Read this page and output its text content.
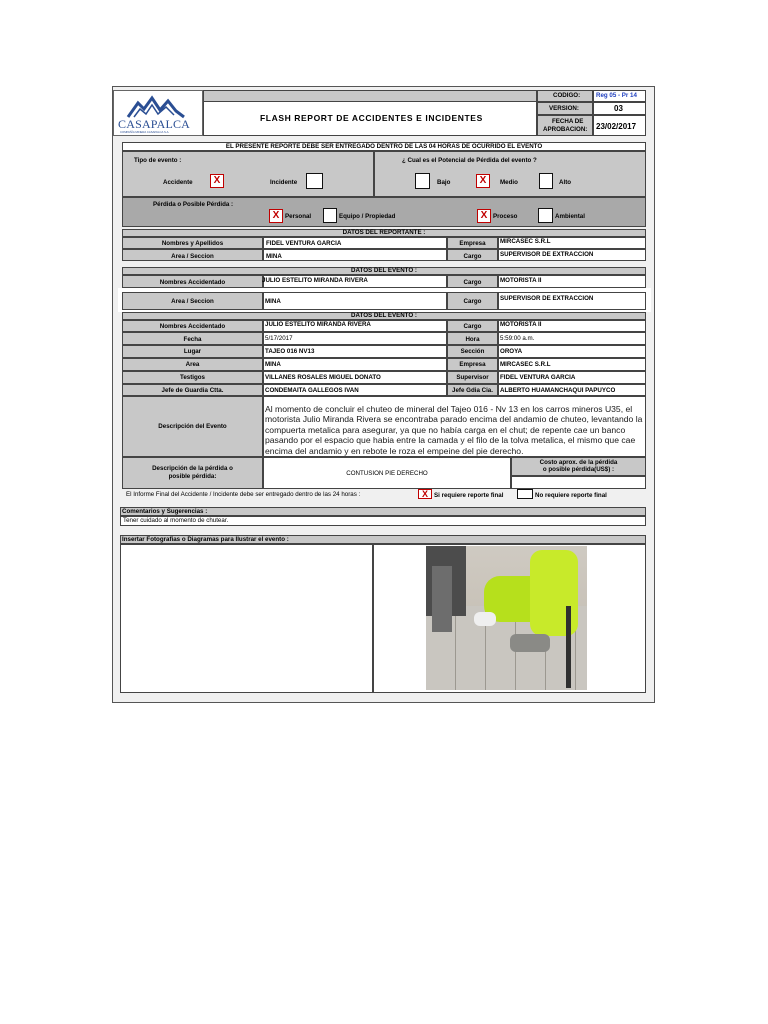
CASAPALCA
COMPAÑÍA MINERA CASAPALCA S.A.
FLASH REPORT DE ACCIDENTES E INCIDENTES
CODIGO:	Reg 05 - Pr 14
VERSION:	03
FECHA DE
APROBACION: 23/02/2017
EL PRESENTE REPORTE DEBE SER ENTREGADO DENTRO DE LAS 04 HORAS DE OCURRIDO EL EVENTO
Tipo de evento :
Accidente	X	Incidente
¿ Cual es el Potencial de Pérdida del evento ?
Bajo	X	Medio	Alto
Pérdida o Posible Pérdida :
X Personal	Equipo / Propiedad	X Proceso	Ambiental
DATOS DEL REPORTANTE :
Nombres y Apellidos	FIDEL VENTURA GARCIA	Empresa	MIRCASEC S.R.L
Area / Seccion	MINA	Cargo	SUPERVISOR DE EXTRACCION
DATOS DEL EVENTO :
Nombres Accidentado	JULIO ESTELITO MIRANDA RIVERA	Cargo	MOTORISTA II
Area / Seccion	MINA	Cargo	SUPERVISOR DE EXTRACCION
DATOS DEL EVENTO :
Nombres Accidentado	JULIO ESTELITO MIRANDA RIVERA	Cargo	MOTORISTA II
Fecha	5/17/2017	Hora	5:59:00 a.m.
Lugar	TAJEO 016 NV13	Sección	OROYA
Area	MINA	Empresa	MIRCASEC S.R.L
Testigos	VILLANES ROSALES MIGUEL DONATO	Supervisor	FIDEL VENTURA GARCIA
Jefe de Guardia Ctta.	CONDEMAITA GALLEGOS IVAN	Jefe Gdia Cia.	ALBERTO HUAMANCHAQUI PAPUYCO
Descripción del Evento
Al momento de concluir el chuteo de mineral del Tajeo 016 - Nv 13 en los carros mineros U35, el motorista Julio Miranda Rivera se encontraba parado encima del andamio de chuteo, levantando la compuerta metalica para asegurar, ya que no había carga en el chut; de repente cae un banco pasando por el espacio que habia entre la camada y el filo de la tolva metalica, el mismo que cae encima del andamio y en rebote le roza el empeine del pie derecho.
Descripción de la pérdida o
posible pérdida:	CONTUSION PIE DERECHO
Costo aprox. de la pérdida
o posible pérdida(US$) :
El Informe Final del Accidente / Incidente debe ser entregado dentro de las 24 horas :	X Si requiere reporte final	No requiere reporte final
Comentarios y Sugerencias :
Tener cuidado al momento de chutear.
Insertar Fotografias o Diagramas para Ilustrar el evento :
